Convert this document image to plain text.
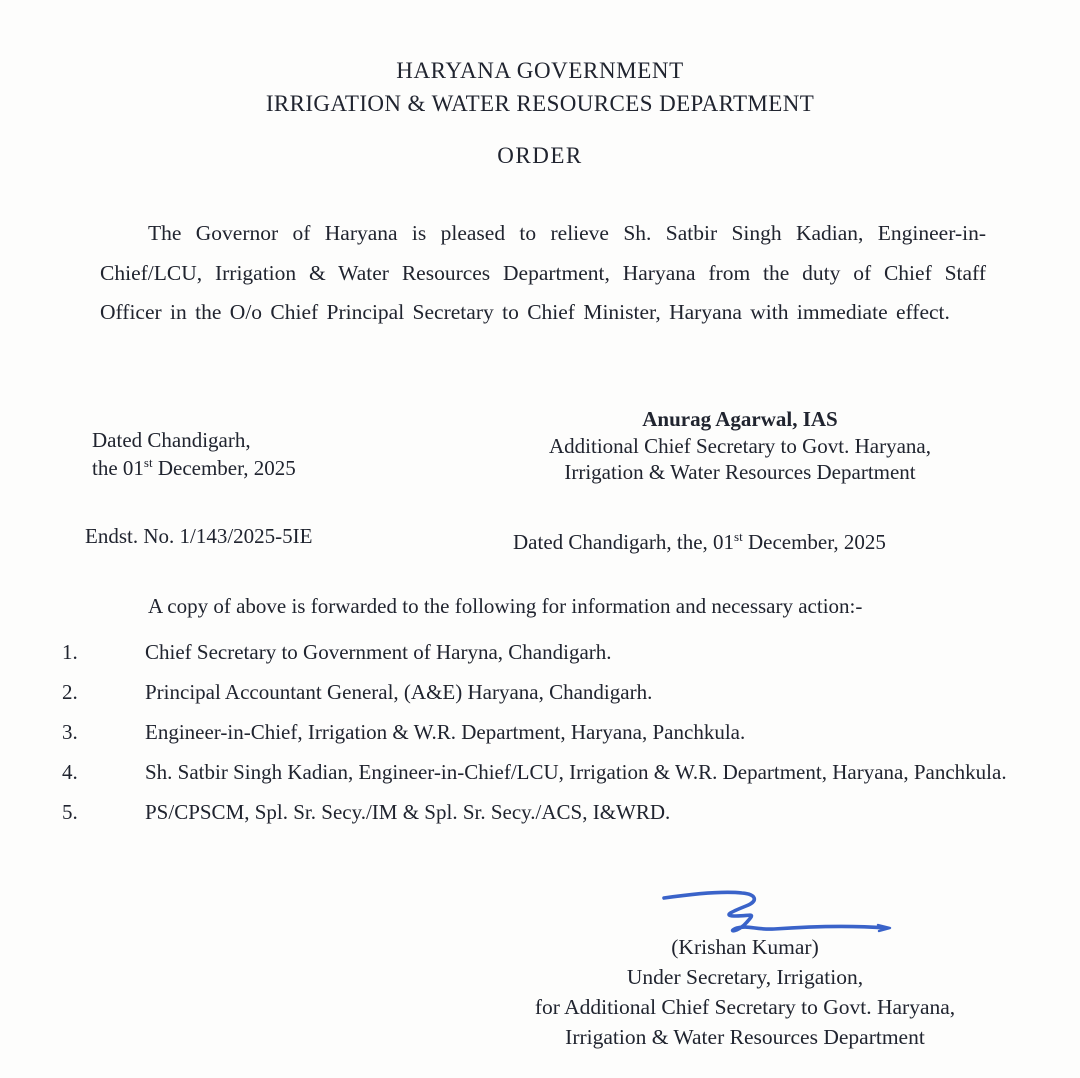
HARYANA GOVERNMENT
IRRIGATION & WATER RESOURCES DEPARTMENT
ORDER
The Governor of Haryana is pleased to relieve Sh. Satbir Singh Kadian, Engineer-in-Chief/LCU, Irrigation & Water Resources Department, Haryana from the duty of Chief Staff Officer in the O/o Chief Principal Secretary to Chief Minister, Haryana with immediate effect.
Dated Chandigarh,
the 01st December, 2025
Anurag Agarwal, IAS
Additional Chief Secretary to Govt. Haryana,
Irrigation & Water Resources Department
Endst. No. 1/143/2025-5IE	Dated Chandigarh, the, 01st December, 2025
A copy of above is forwarded to the following for information and necessary action:-
1.	Chief Secretary to Government of Haryna, Chandigarh.
2.	Principal Accountant General, (A&E) Haryana, Chandigarh.
3.	Engineer-in-Chief, Irrigation & W.R. Department, Haryana, Panchkula.
4.	Sh. Satbir Singh Kadian, Engineer-in-Chief/LCU, Irrigation & W.R. Department, Haryana, Panchkula.
5.	PS/CPSCM, Spl. Sr. Secy./IM & Spl. Sr. Secy./ACS, I&WRD.
(Krishan Kumar)
Under Secretary, Irrigation,
for Additional Chief Secretary to Govt. Haryana,
Irrigation & Water Resources Department
